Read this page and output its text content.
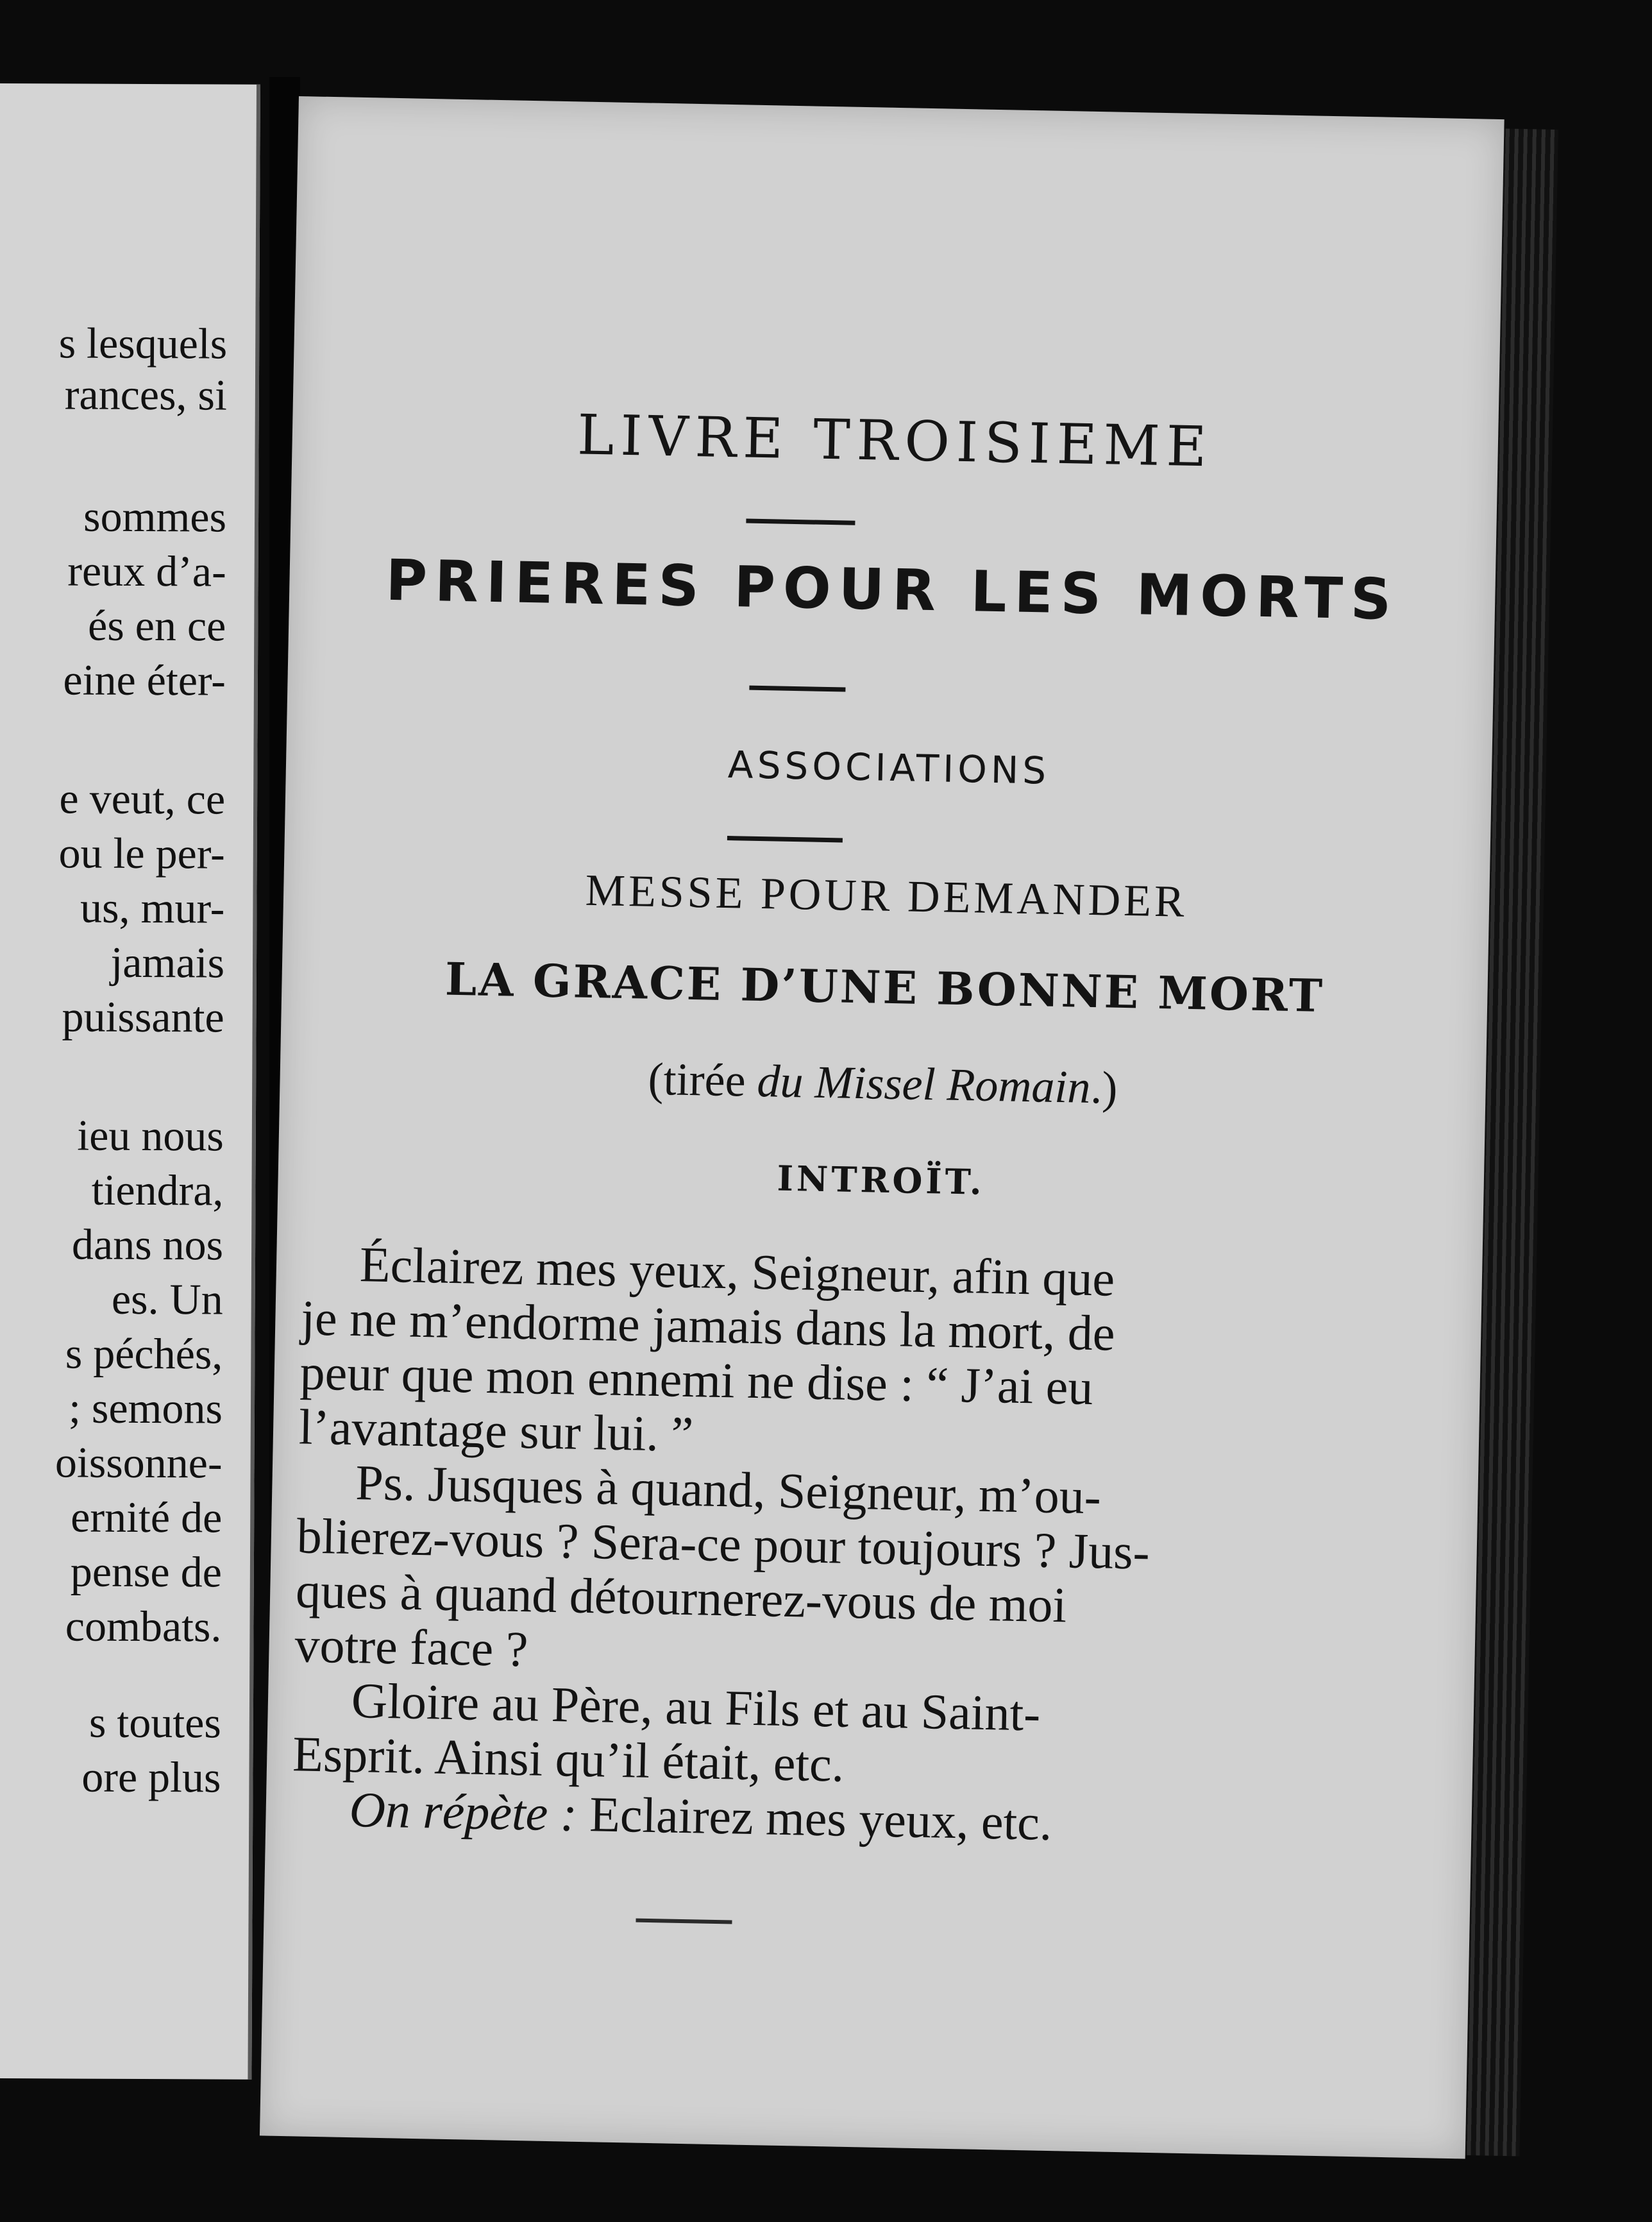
s lesquels
rances, si
sommes
reux d’a-
és en ce
eine éter-
e veut, ce
ou le per-
us, mur-
jamais
puissante
ieu nous
tiendra,
dans nos
es. Un
s péchés,
; semons
oissonne-
ernité de
pense de
combats.
s toutes
ore plus
LIVRE TROISIEME
PRIERES POUR LES MORTS
ASSOCIATIONS
MESSE POUR DEMANDER
LA GRACE D’UNE BONNE MORT
(tirée du Missel Romain.)
INTROÏT.
Éclairez mes yeux, Seigneur, afin que
je ne m’endorme jamais dans la mort, de
peur que mon ennemi ne dise : “ J’ai eu
l’avantage sur lui. ”
Ps. Jusques à quand, Seigneur, m’ou-
blierez-vous ? Sera-ce pour toujours ? Jus-
ques à quand détournerez-vous de moi
votre face ?
Gloire au Père, au Fils et au Saint-
Esprit. Ainsi qu’il était, etc.
On répète : Eclairez mes yeux, etc.
